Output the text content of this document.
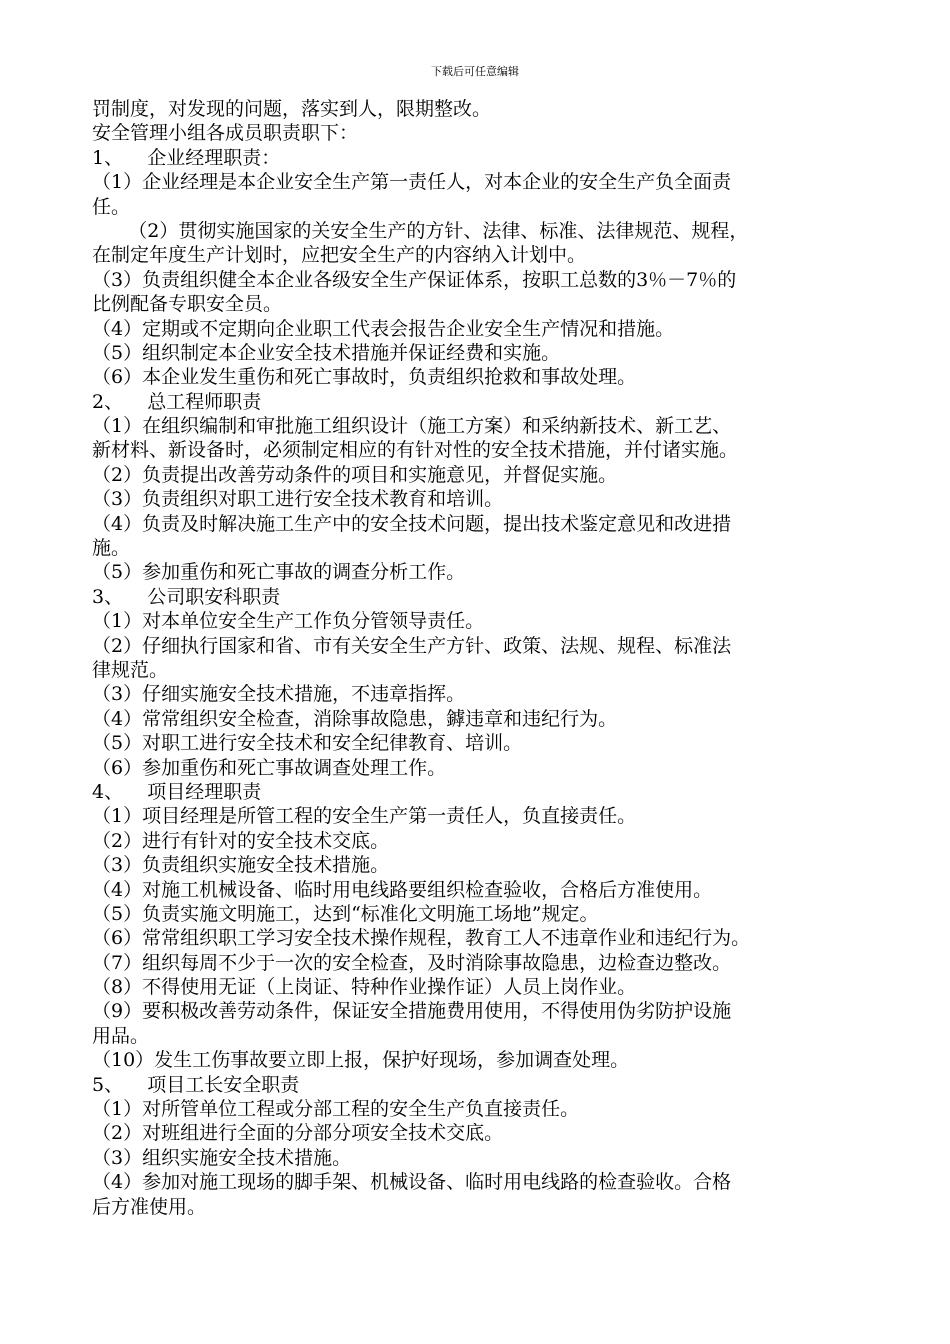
下载后可任意编辑
罚制度，对发现的问题，落实到人，限期整改。
安全管理小组各成员职责职下：
1、    企业经理职责：
（1）企业经理是本企业安全生产第一责任人，对本企业的安全生产负全面责
任。
（2）贯彻实施国家的关安全生产的方针、法律、标准、法律规范、规程，
在制定年度生产计划时，应把安全生产的内容纳入计划中。
（3）负责组织健全本企业各级安全生产保证体系，按职工总数的3％－7％的
比例配备专职安全员。
（4）定期或不定期向企业职工代表会报告企业安全生产情况和措施。
（5）组织制定本企业安全技术措施并保证经费和实施。
（6）本企业发生重伤和死亡事故时，负责组织抢救和事故处理。
2、    总工程师职责
（1）在组织编制和审批施工组织设计（施工方案）和采纳新技术、新工艺、
新材料、新设备时，必须制定相应的有针对性的安全技术措施，并付诸实施。
（2）负责提出改善劳动条件的项目和实施意见，并督促实施。
（3）负责组织对职工进行安全技术教育和培训。
（4）负责及时解决施工生产中的安全技术问题，提出技术鉴定意见和改进措
施。
（5）参加重伤和死亡事故的调查分析工作。
3、    公司职安科职责
（1）对本单位安全生产工作负分管领导责任。
（2）仔细执行国家和省、市有关安全生产方针、政策、法规、规程、标准法
律规范。
（3）仔细实施安全技术措施，不违章指挥。
（4）常常组织安全检查，消除事故隐患，鏬违章和违纪行为。
（5）对职工进行安全技术和安全纪律教育、培训。
（6）参加重伤和死亡事故调查处理工作。
4、    项目经理职责
（1）项目经理是所管工程的安全生产第一责任人，负直接责任。
（2）进行有针对的安全技术交底。
（3）负责组织实施安全技术措施。
（4）对施工机械设备、临时用电线路要组织检查验收，合格后方准使用。
（5）负责实施文明施工，达到“标准化文明施工场地”规定。
（6）常常组织职工学习安全技术操作规程，教育工人不违章作业和违纪行为。
（7）组织每周不少于一次的安全检查，及时消除事故隐患，边检查边整改。
（8）不得使用无证（上岗证、特种作业操作证）人员上岗作业。
（9）要积极改善劳动条件，保证安全措施费用使用，不得使用伪劣防护设施
用品。
（10）发生工伤事故要立即上报，保护好现场，参加调查处理。
5、    项目工长安全职责
（1）对所管单位工程或分部工程的安全生产负直接责任。
（2）对班组进行全面的分部分项安全技术交底。
（3）组织实施安全技术措施。
（4）参加对施工现场的脚手架、机械设备、临时用电线路的检查验收。合格
后方准使用。
